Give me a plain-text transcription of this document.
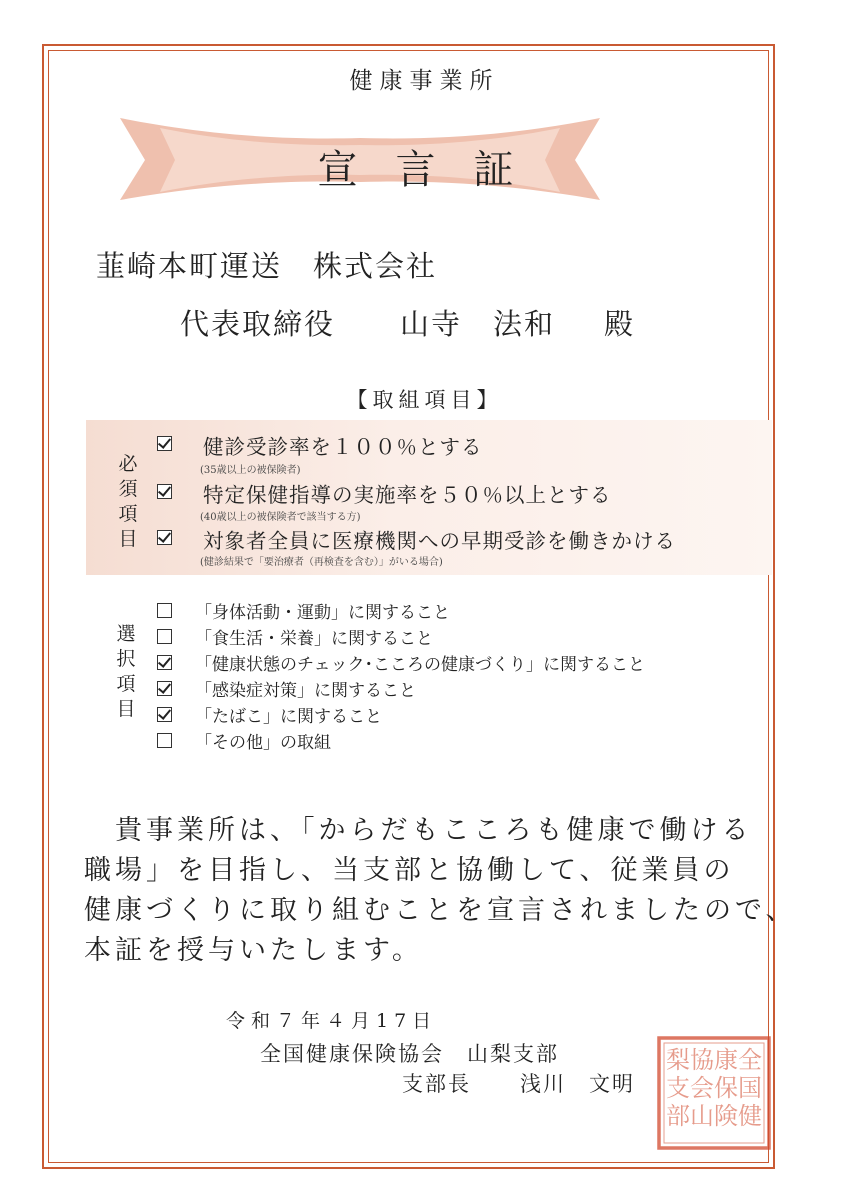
健康事業所
宣言証
韮崎本町運送　株式会社
代表取締役 山寺　法和 殿
【取組項目】
必須項目
健診受診率を１００％とする
(35歳以上の被保険者)
特定保健指導の実施率を５０％以上とする
(40歳以上の被保険者で該当する方)
対象者全員に医療機関への早期受診を働きかける
(健診結果で「要治療者（再検査を含む）」がいる場合)
選択項目
「身体活動・運動」に関すること
「食生活・栄養」に関すること
「健康状態のチェック･こころの健康づくり」に関すること
「感染症対策」に関すること
「たばこ」に関すること
「その他」の取組
　貴事業所は、「からだもこころも健康で働ける
職場」を目指し、当支部と協働して、従業員の
健康づくりに取り組むことを宣言されましたので、
本証を授与いたします。
令和７年４月17日
全国健康保険協会　山梨支部
支部長 浅川　文明
全
国
健
康
保
険
協
会
山
梨
支
部
